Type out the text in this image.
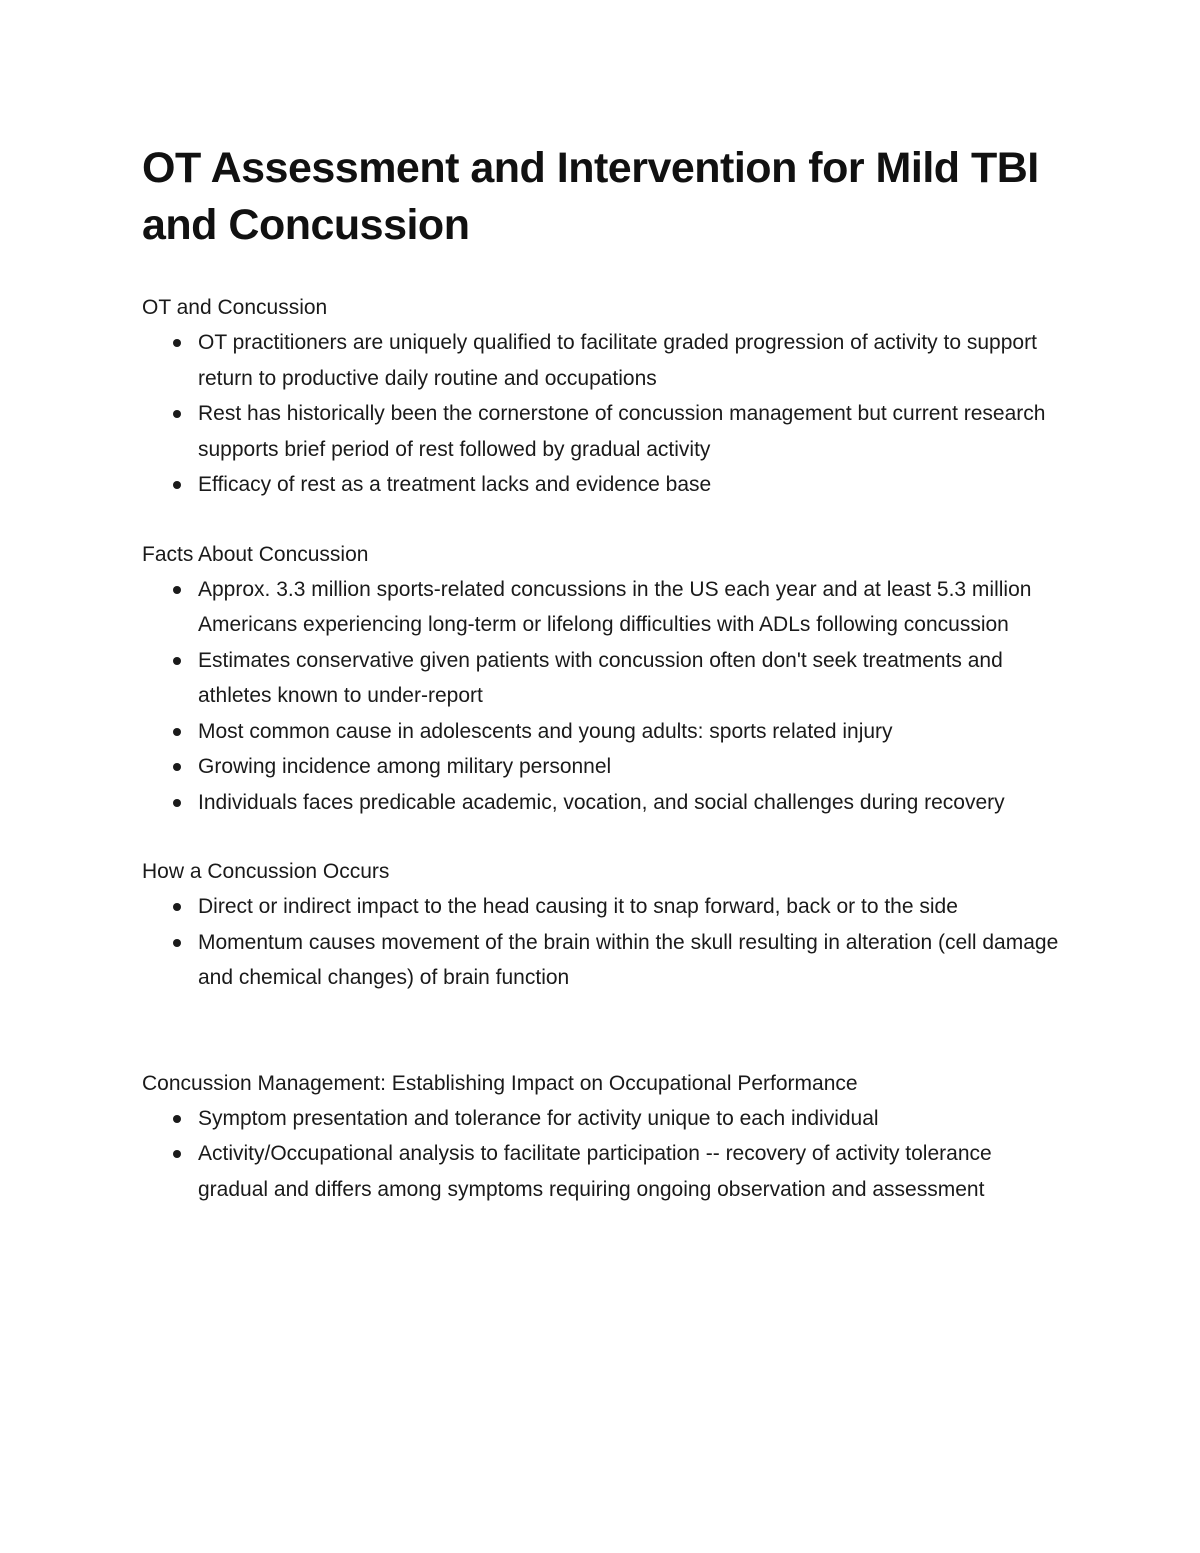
OT Assessment and Intervention for Mild TBI and Concussion

OT and Concussion

OT practitioners are uniquely qualified to facilitate graded progression of activity to support return to productive daily routine and occupations
Rest has historically been the cornerstone of concussion management but current research supports brief period of rest followed by gradual activity
Efficacy of rest as a treatment lacks and evidence base

Facts About Concussion

Approx. 3.3 million sports-related concussions in the US each year and at least 5.3 million Americans experiencing long-term or lifelong difficulties with ADLs following concussion
Estimates conservative given patients with concussion often don't seek treatments and athletes known to under-report
Most common cause in adolescents and young adults: sports related injury
Growing incidence among military personnel
Individuals faces predicable academic, vocation, and social challenges during recovery

How a Concussion Occurs

Direct or indirect impact to the head causing it to snap forward, back or to the side
Momentum causes movement of the brain within the skull resulting in alteration (cell damage and chemical changes) of brain function

Concussion Management: Establishing Impact on Occupational Performance

Symptom presentation and tolerance for activity unique to each individual
Activity/Occupational analysis to facilitate participation -- recovery of activity tolerance gradual and differs among symptoms requiring ongoing observation and assessment
